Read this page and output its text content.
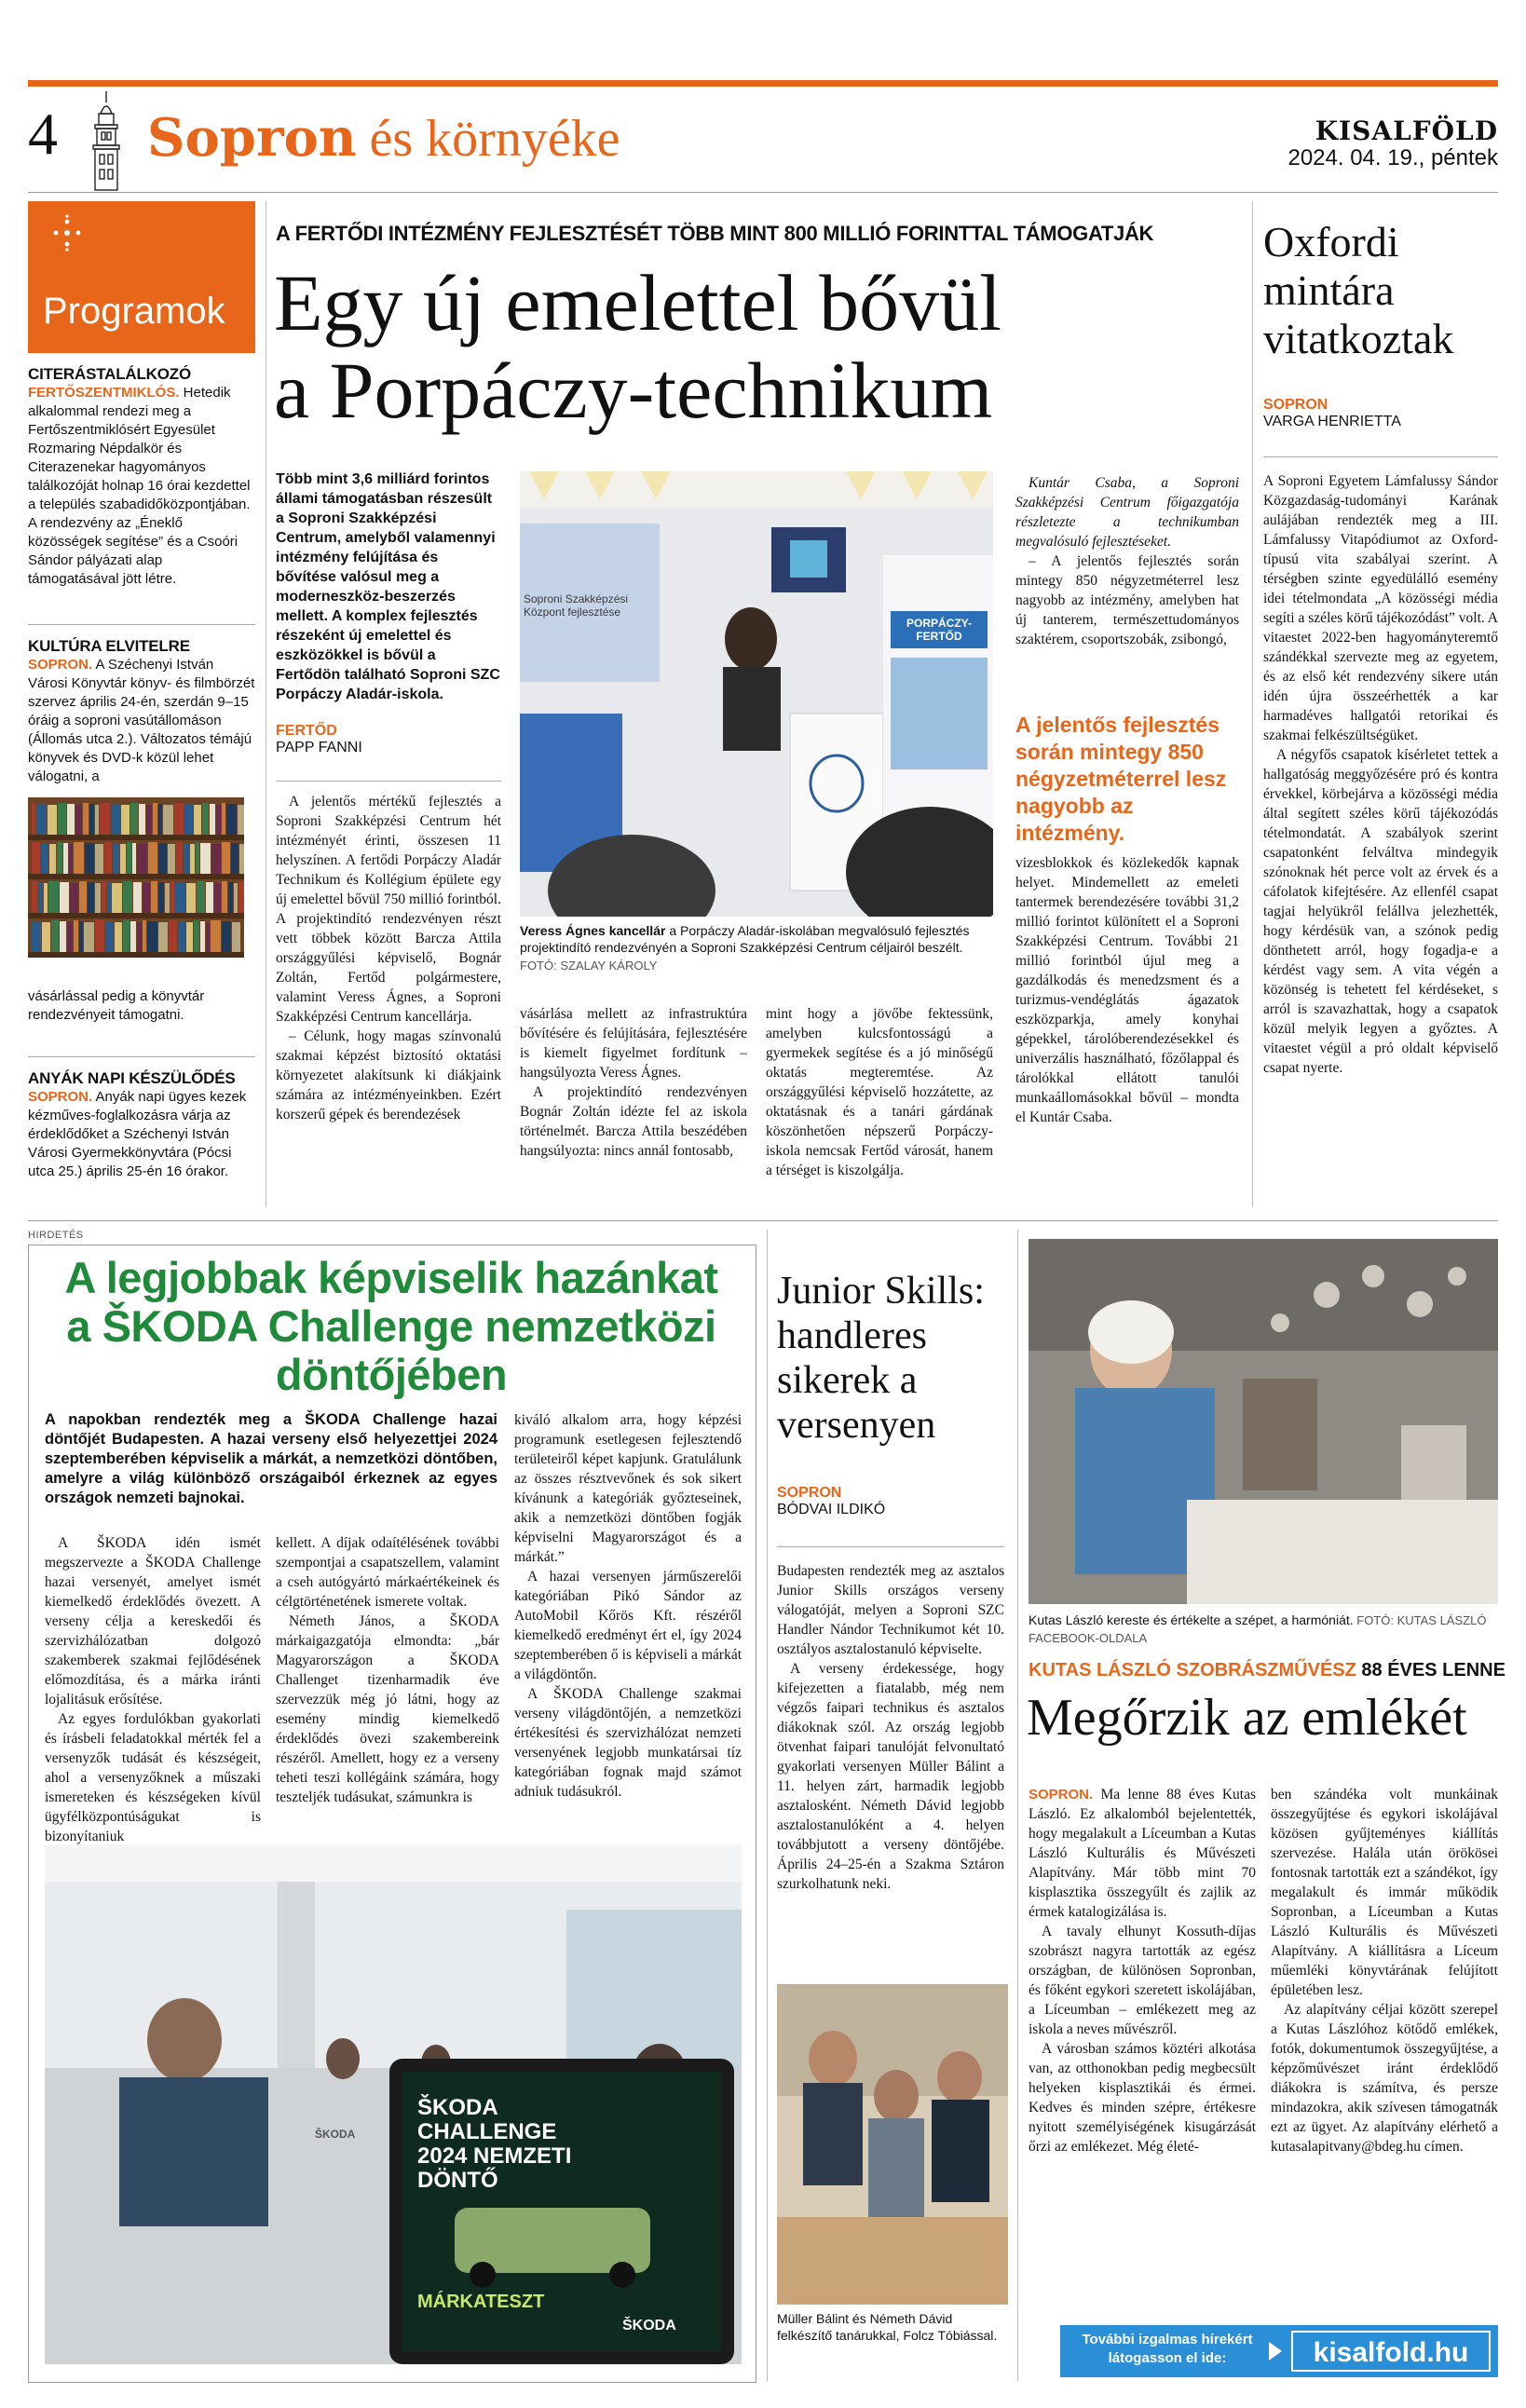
4 Sopron és környéke	KISALFÖLD
2024. 04. 19., péntek
Programok
CITERÁSTALÁLKOZÓ
FERTŐSZENTMIKLÓS. Hetedik alkalommal rendezi meg a Fertőszentmiklósért Egyesület Rozmaring Népdalkör és Citerazenekar hagyományos találkozóját holnap 16 órai kezdettel a település szabadidőközpontjában. A rendezvény az „Éneklő közösségek segítése” és a Csoóri Sándor pályázati alap támogatásával jött létre.
KULTÚRA ELVITELRE
SOPRON. A Széchenyi István Városi Könyvtár könyv- és filmbörzét szervez április 24-én, szerdán 9–15 óráig a soproni vasútállomáson (Állomás utca 2.). Változatos témájú könyvek és DVD-k közül lehet válogatni, a
vásárlással pedig a könyvtár rendezvényeit támogatni.
ANYÁK NAPI KÉSZÜLŐDÉS
SOPRON. Anyák napi ügyes kezek kézműves-foglalkozásra várja az érdeklődőket a Széchenyi István Városi Gyermekkönyvtára (Pócsi utca 25.) április 25-én 16 órakor.
A FERTŐDI INTÉZMÉNY FEJLESZTÉSÉT TÖBB MINT 800 MILLIÓ FORINTTAL TÁMOGATJÁK
Egy új emelettel bővül
a Porpáczy-technikum
Több mint 3,6 milliárd forintos állami támogatásban részesült a Soproni Szakképzési Centrum, amelyből valamennyi intézmény felújítása és bővítése valósul meg a moderneszköz-beszerzés mellett. A komplex fejlesztés részeként új emelettel és eszközökkel is bővül a Fertődön található Soproni SZC Porpáczy Aladár-iskola.
FERTŐD
PAPP FANNI

A jelentős mértékű fejlesztés a Soproni Szakképzési Centrum hét intézményét érinti, összesen 11 helyszínen. A fertődi Porpáczy Aladár Technikum és Kollégium épülete egy új emelettel bővül 750 millió forintból. A projektindító rendezvényen részt vett többek között Barcza Attila országgyűlési képviselő, Bognár Zoltán, Fertőd polgármestere, valamint Veress Ágnes, a Soproni Szakképzési Centrum kancellárja.

– Célunk, hogy magas színvonalú szakmai képzést biztosító oktatási környezetet alakítsunk ki diákjaink számára az intézményeinkben. Ezért korszerű gépek és berendezések

PORPÁCZY-FERTŐD
Soproni Szakképzési Központ fejlesztése
Veress Ágnes kancellár a Porpáczy Aladár-iskolában megvalósuló fejlesztés projektindító rendezvényén a Soproni Szakképzési Centrum céljairól beszélt. FOTÓ: SZALAY KÁROLY

vásárlása mellett az infrastruktúra bővítésére és felújítására, fejlesztésére is kiemelt figyelmet fordítunk – hangsúlyozta Veress Ágnes.

A projektindító rendezvényen Bognár Zoltán idézte fel az iskola történelmét. Barcza Attila beszédében hangsúlyozta: nincs annál fontosabb,

mint hogy a jövőbe fektessünk, amelyben kulcsfontosságú a gyermekek segítése és a jó minőségű oktatás megteremtése. Az országgyűlési képviselő hozzátette, az oktatásnak és a tanári gárdának köszönhetően népszerű Porpáczy-iskola nemcsak Fertőd városát, hanem a térséget is kiszolgálja.

Kuntár Csaba, a Soproni Szakképzési Centrum főigazgatója részletezte a technikumban megvalósuló fejlesztéseket.

– A jelentős fejlesztés során mintegy 850 négyzetméterrel lesz nagyobb az intézmény, amelyben hat új tanterem, természettudományos szaktérem, csoportszobák, zsibongó,

A jelentős fejlesztés során mintegy 850 négyzetméterrel lesz nagyobb az intézmény.

vizesblokkok és közlekedők kapnak helyet. Mindemellett az emeleti tantermek berendezésére további 31,2 millió forintot különített el a Soproni Szakképzési Centrum. További 21 millió forintból újul meg a gazdálkodás és menedzsment és a turizmus-vendéglátás ágazatok eszközparkja, amely konyhai gépekkel, tárolóberendezésekkel és univerzális használható, főzőlappal és tárolókkal ellátott tanulói munkaállomásokkal bővül – mondta el Kuntár Csaba.

Oxfordi mintára vitatkoztak
SOPRON
VARGA HENRIETTA

A Soproni Egyetem Lámfalussy Sándor Közgazdaság-tudományi Karának aulájában rendezték meg a III. Lámfalussy Vitapódiumot az Oxford-típusú vita szabályai szerint. A térségben szinte egyedülálló esemény idei tételmondata „A közösségi média segíti a széles körű tájékozódást” volt. A vitaestet 2022-ben hagyományteremtő szándékkal szervezte meg az egyetem, és az első két rendezvény sikere után idén újra összeérhették a kar harmadéves hallgatói retorikai és szakmai felkészültségüket.

A négyfős csapatok kísérletet tettek a hallgatóság meggyőzésére pró és kontra érvekkel, körbejárva a közösségi média által segített széles körű tájékozódás tételmondatát. A szabályok szerint csapatonként felváltva mindegyik szónoknak hét perce volt az érvek és a cáfolatok kifejtésére. Az ellenfél csapat tagjai helyükről felállva jelezhették, hogy kérdésük van, a szónok pedig dönthetett arról, hogy fogadja-e a kérdést vagy sem. A vita végén a közönség is tehetett fel kérdéseket, s arról is szavazhattak, hogy a csapatok közül melyik legyen a győztes. A vitaestet végül a pró oldalt képviselő csapat nyerte.

HIRDETÉS
A legjobbak képviselik hazánkat
a ŠKODA Challenge nemzetközi
döntőjében
A napokban rendezték meg a ŠKODA Challenge hazai döntőjét Budapesten. A hazai verseny első helyezettjei 2024 szeptemberében képviselik a márkát, a nemzetközi döntőben, amelyre a világ különböző országaiból érkeznek az egyes országok nemzeti bajnokai.

A ŠKODA idén ismét megszervezte a ŠKODA Challenge hazai versenyét, amelyet ismét kiemelkedő érdeklődés övezett. A verseny célja a kereskedői és szervizhálózatban dolgozó szakemberek szakmai fejlődésének előmozdítása, és a márka iránti lojalitásuk erősítése.

Az egyes fordulókban gyakorlati és írásbeli feladatokkal mérték fel a versenyzők tudását és készségeit, ahol a versenyzőknek a műszaki ismereteken és készségeken kívül ügyfélközpontúságukat is bizonyítaniuk

kellett. A díjak odaítélésének további szempontjai a csapatszellem, valamint a cseh autógyártó márkaértékeinek és célgtörténetének ismerete voltak.

Németh János, a ŠKODA márkaigazgatója elmondta: „bár Magyarországon a ŠKODA Challenget tizenharmadik éve szervezzük még jó látni, hogy az esemény mindig kiemelkedő érdeklődés övezi szakembereink részéről. Amellett, hogy ez a verseny teheti teszi kollégáink számára, hogy teszteljék tudásukat, számunkra is

kiváló alkalom arra, hogy képzési programunk esetlegesen fejlesztendő területeiről képet kapjunk. Gratulálunk az összes résztvevőnek és sok sikert kívánunk a kategóriák győzteseinek, akik a nemzetközi döntőben fogják képviselni Magyarországot és a márkát.”

A hazai versenyen járműszerelői kategóriában Pikó Sándor az AutoMobil Kőrös Kft. részéről kiemelkedő eredményt ért el, így 2024 szeptemberében ő is képviseli a márkát a világdöntőn.

A ŠKODA Challenge szakmai verseny világdöntőjén, a nemzetközi értékesítési és szervizhálózat nemzeti versenyének legjobb munkatársai tíz kategóriában fognak majd számot adniuk tudásukról.

ŠKODA
CHALLENGE
2024 NEMZETI
DÖNTŐ
MÁRKATESZT
ŠKODA
ŠKODA
Junior Skills: handleres sikerek a versenyen
SOPRON
BÓDVAI ILDIKÓ

Budapesten rendezték meg az asztalos Junior Skills országos verseny válogatóját, melyen a Soproni SZC Handler Nándor Technikumot két 10. osztályos asztalostanuló képviselte.

A verseny érdekessége, hogy kifejezetten a fiatalabb, még nem végzős faipari technikus és asztalos diákoknak szól. Az ország legjobb ötvenhat faipari tanulóját felvonultató gyakorlati versenyen Müller Bálint a 11. helyen zárt, harmadik legjobb asztalosként. Németh Dávid legjobb asztalostanulóként a 4. helyen továbbjutott a verseny döntőjébe. Április 24–25-én a Szakma Sztáron szurkolhatunk neki.

Müller Bálint és Németh Dávid felkészítő tanárukkal, Folcz Tóbiással.
Kutas László kereste és értékelte a szépet, a harmóniát. FOTÓ: KUTAS LÁSZLÓ FACEBOOK-OLDALA
KUTAS LÁSZLÓ SZOBRÁSZMŰVÉSZ 88 ÉVES LENNE
Megőrzik az emlékét

SOPRON. Ma lenne 88 éves Kutas László. Ez alkalomból bejelentették, hogy megalakult a Líceumban a Kutas László Kulturális és Művészeti Alapítvány. Már több mint 70 kisplasztika összegyűlt és zajlik az érmek katalogizálása is.

A tavaly elhunyt Kossuth-díjas szobrászt nagyra tartották az egész országban, de különösen Sopronban, és főként egykori szeretett iskolájában, a Líceumban – emlékezett meg az iskola a neves művészről.

A városban számos köztéri alkotása van, az otthonokban pedig megbecsült helyeken kisplasztikái és érmei. Kedves és minden szépre, értékesre nyitott személyiségének kisugárzását őrzi az emlékezet. Még életé-

ben szándéka volt munkáinak összegyűjtése és egykori iskolájával közösen gyűjteményes kiállítás szervezése. Halála után örökösei fontosnak tartották ezt a szándékot, így megalakult és immár működik Sopronban, a Líceumban a Kutas László Kulturális és Művészeti Alapítvány. A kiállításra a Líceum műemléki könyvtárának felújított épületében lesz.

Az alapítvány céljai között szerepel a Kutas Lászlóhoz kötődő emlékek, fotók, dokumentumok összegyűjtése, a képzőművészet iránt érdeklődő diákokra is számítva, és persze mindazokra, akik szívesen támogatnák ezt az ügyet. Az alapítvány elérhető a kutasalapitvany@bdeg.hu címen.

További izgalmas hírekért
látogasson el ide:	kisalfold.hu
